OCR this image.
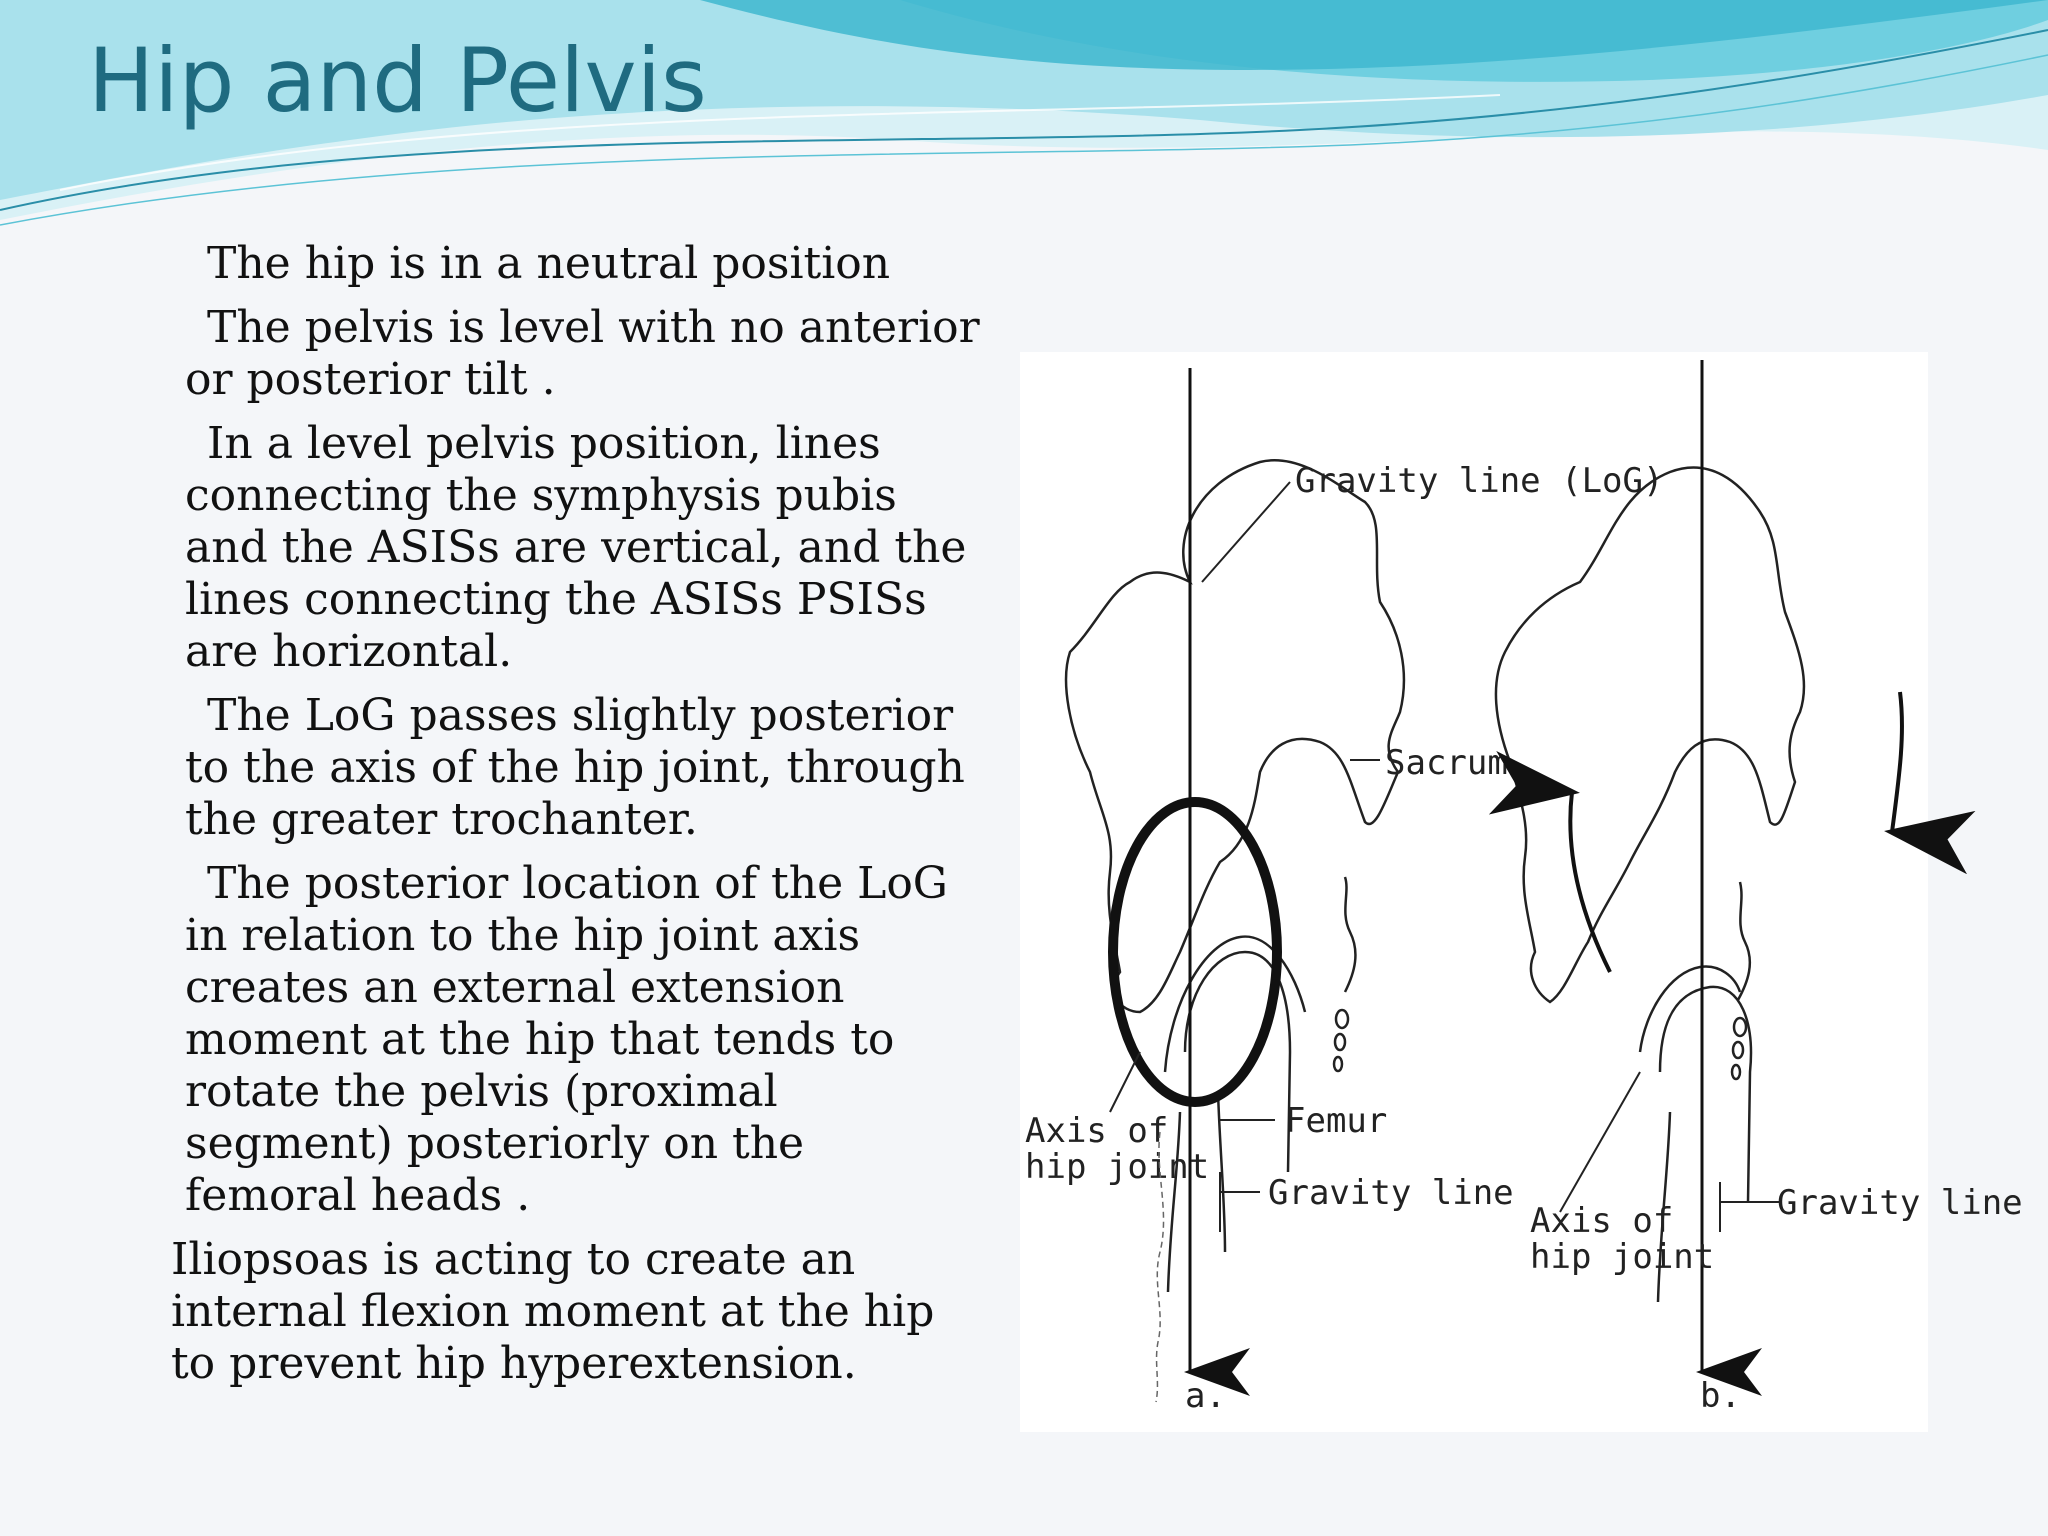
Hip and Pelvis

The hip is in a neutral position

The pelvis is level with no anterior or posterior tilt .

In a level pelvis position, lines connecting the symphysis pubis and the ASISs are vertical, and the lines connecting the ASISs PSISs are horizontal.

The LoG passes slightly posterior to the axis of the hip joint, through the greater trochanter.

The posterior location of the LoG in relation to the hip joint axis creates an external extension moment at the hip that tends to rotate the pelvis (proximal segment) posteriorly on the femoral heads .

Iliopsoas is acting to create an internal flexion moment at the hip to prevent hip hyperextension.

Gravity line (LoG)
Sacrum
Femur
Axis of
hip joint
Gravity line
a.
Axis of
hip joint
Gravity line
b.
